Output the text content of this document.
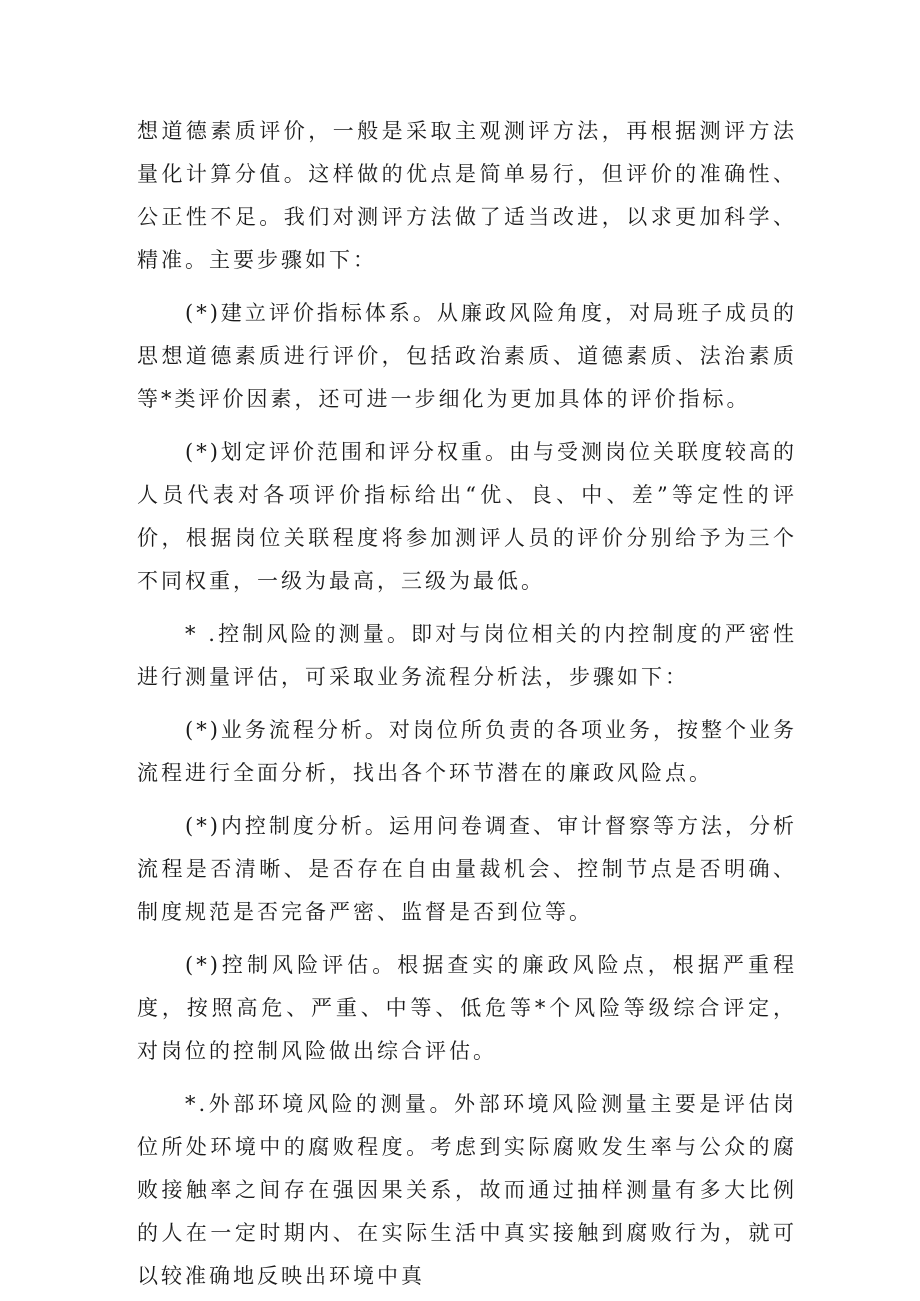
想道德素质评价，一般是采取主观测评方法，再根据测评方法量化计算分值。这样做的优点是简单易行，但评价的准确性、公正性不足。我们对测评方法做了适当改进，以求更加科学、精准。主要步骤如下：

(*)建立评价指标体系。从廉政风险角度，对局班子成员的思想道德素质进行评价，包括政治素质、道德素质、法治素质等*类评价因素，还可进一步细化为更加具体的评价指标。

(*)划定评价范围和评分权重。由与受测岗位关联度较高的人员代表对各项评价指标给出“优、良、中、差”等定性的评价，根据岗位关联程度将参加测评人员的评价分别给予为三个不同权重，一级为最高，三级为最低。

* .控制风险的测量。即对与岗位相关的内控制度的严密性进行测量评估，可采取业务流程分析法，步骤如下：

(*)业务流程分析。对岗位所负责的各项业务，按整个业务流程进行全面分析，找出各个环节潜在的廉政风险点。

(*)内控制度分析。运用问卷调查、审计督察等方法，分析流程是否清晰、是否存在自由量裁机会、控制节点是否明确、制度规范是否完备严密、监督是否到位等。

(*)控制风险评估。根据查实的廉政风险点，根据严重程度，按照高危、严重、中等、低危等*个风险等级综合评定，对岗位的控制风险做出综合评估。

*.外部环境风险的测量。外部环境风险测量主要是评估岗位所处环境中的腐败程度。考虑到实际腐败发生率与公众的腐败接触率之间存在强因果关系，故而通过抽样测量有多大比例的人在一定时期内、在实际生活中真实接触到腐败行为，就可以较准确地反映出环境中真
